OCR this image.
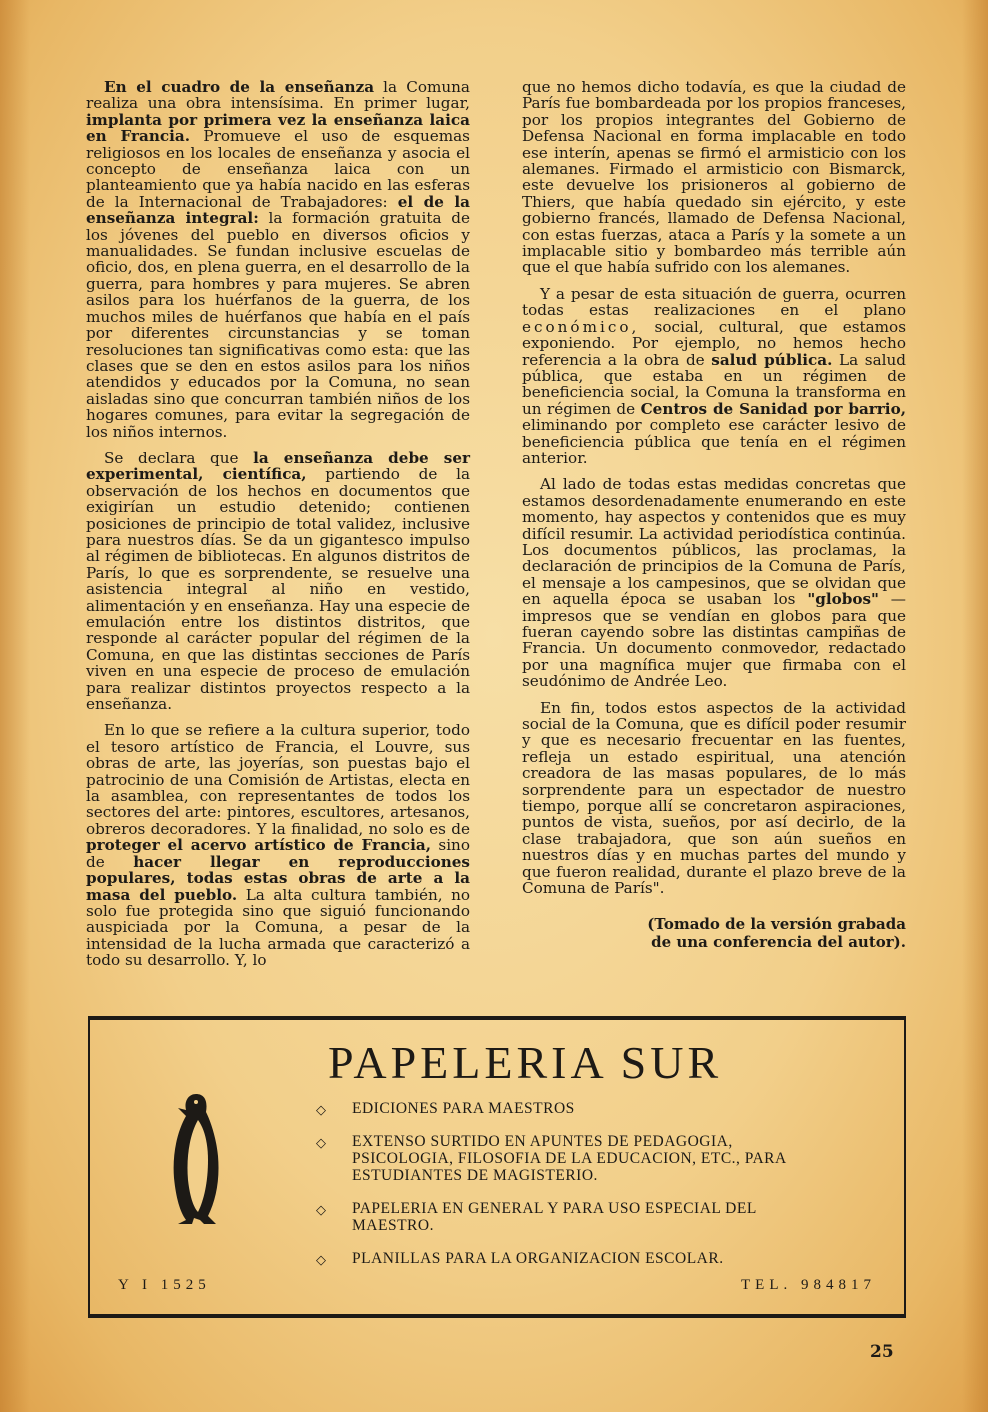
En el cuadro de la enseñanza la Comuna realiza una obra intensísima. En primer lugar, implanta por primera vez la enseñanza laica en Francia. Promueve el uso de esquemas religiosos en los locales de enseñanza y asocia el concepto de enseñanza laica con un planteamiento que ya había nacido en las esferas de la Internacional de Trabajadores: el de la enseñanza integral: la formación gratuita de los jóvenes del pueblo en diversos oficios y manualidades. Se fundan inclusive escuelas de oficio, dos, en plena guerra, en el desarrollo de la guerra, para hombres y para mujeres. Se abren asilos para los huérfanos de la guerra, de los muchos miles de huérfanos que había en el país por diferentes circunstancias y se toman resoluciones tan significativas como esta: que las clases que se den en estos asilos para los niños atendidos y educados por la Comuna, no sean aisladas sino que concurran también niños de los hogares comunes, para evitar la segregación de los niños internos.

Se declara que la enseñanza debe ser experimental, científica, partiendo de la observación de los hechos en documentos que exigirían un estudio detenido; contienen posiciones de principio de total validez, inclusive para nuestros días. Se da un gigantesco impulso al régimen de bibliotecas. En algunos distritos de París, lo que es sorprendente, se resuelve una asistencia integral al niño en vestido, alimentación y en enseñanza. Hay una especie de emulación entre los distintos distritos, que responde al carácter popular del régimen de la Comuna, en que las distintas secciones de París viven en una especie de proceso de emulación para realizar distintos proyectos respecto a la enseñanza.

En lo que se refiere a la cultura superior, todo el tesoro artístico de Francia, el Louvre, sus obras de arte, las joyerías, son puestas bajo el patrocinio de una Comisión de Artistas, electa en la asamblea, con representantes de todos los sectores del arte: pintores, escultores, artesanos, obreros decoradores. Y la finalidad, no solo es de proteger el acervo artístico de Francia, sino de hacer llegar en reproducciones populares, todas estas obras de arte a la masa del pueblo. La alta cultura también, no solo fue protegida sino que siguió funcionando auspiciada por la Comuna, a pesar de la intensidad de la lucha armada que caracterizó a todo su desarrollo. Y, lo

que no hemos dicho todavía, es que la ciudad de París fue bombardeada por los propios franceses, por los propios integrantes del Gobierno de Defensa Nacional en forma implacable en todo ese interín, apenas se firmó el armisticio con los alemanes. Firmado el armisticio con Bismarck, este devuelve los prisioneros al gobierno de Thiers, que había quedado sin ejército, y este gobierno francés, llamado de Defensa Nacional, con estas fuerzas, ataca a París y la somete a un implacable sitio y bombardeo más terrible aún que el que había sufrido con los alemanes.

Y a pesar de esta situación de guerra, ocurren todas estas realizaciones en el plano económico, social, cultural, que estamos exponiendo. Por ejemplo, no hemos hecho referencia a la obra de salud pública. La salud pública, que estaba en un régimen de beneficiencia social, la Comuna la transforma en un régimen de Centros de Sanidad por barrio, eliminando por completo ese carácter lesivo de beneficiencia pública que tenía en el régimen anterior.

Al lado de todas estas medidas concretas que estamos desordenadamente enumerando en este momento, hay aspectos y contenidos que es muy difícil resumir. La actividad periodística continúa. Los documentos públicos, las proclamas, la declaración de principios de la Comuna de París, el mensaje a los campesinos, que se olvidan que en aquella época se usaban los "globos" —impresos que se vendían en globos para que fueran cayendo sobre las distintas campiñas de Francia. Un documento conmovedor, redactado por una magnífica mujer que firmaba con el seudónimo de Andrée Leo.

En fin, todos estos aspectos de la actividad social de la Comuna, que es difícil poder resumir y que es necesario frecuentar en las fuentes, refleja un estado espiritual, una atención creadora de las masas populares, de lo más sorprendente para un espectador de nuestro tiempo, porque allí se concretaron aspiraciones, puntos de vista, sueños, por así decirlo, de la clase trabajadora, que son aún sueños en nuestros días y en muchas partes del mundo y que fueron realidad, durante el plazo breve de la Comuna de París".

(Tomado de la versión grabada
de una conferencia del autor).
PAPELERIA SUR
◇ EDICIONES PARA MAESTROS
◇ EXTENSO SURTIDO EN APUNTES DE PEDAGOGIA, PSICOLOGIA, FILOSOFIA DE LA EDUCACION, ETC., PARA ESTUDIANTES DE MAGISTERIO.
◇ PAPELERIA EN GENERAL Y PARA USO ESPECIAL DEL MAESTRO.
◇ PLANILLAS PARA LA ORGANIZACION ESCOLAR.
Y I 1525	TEL. 984817
25
